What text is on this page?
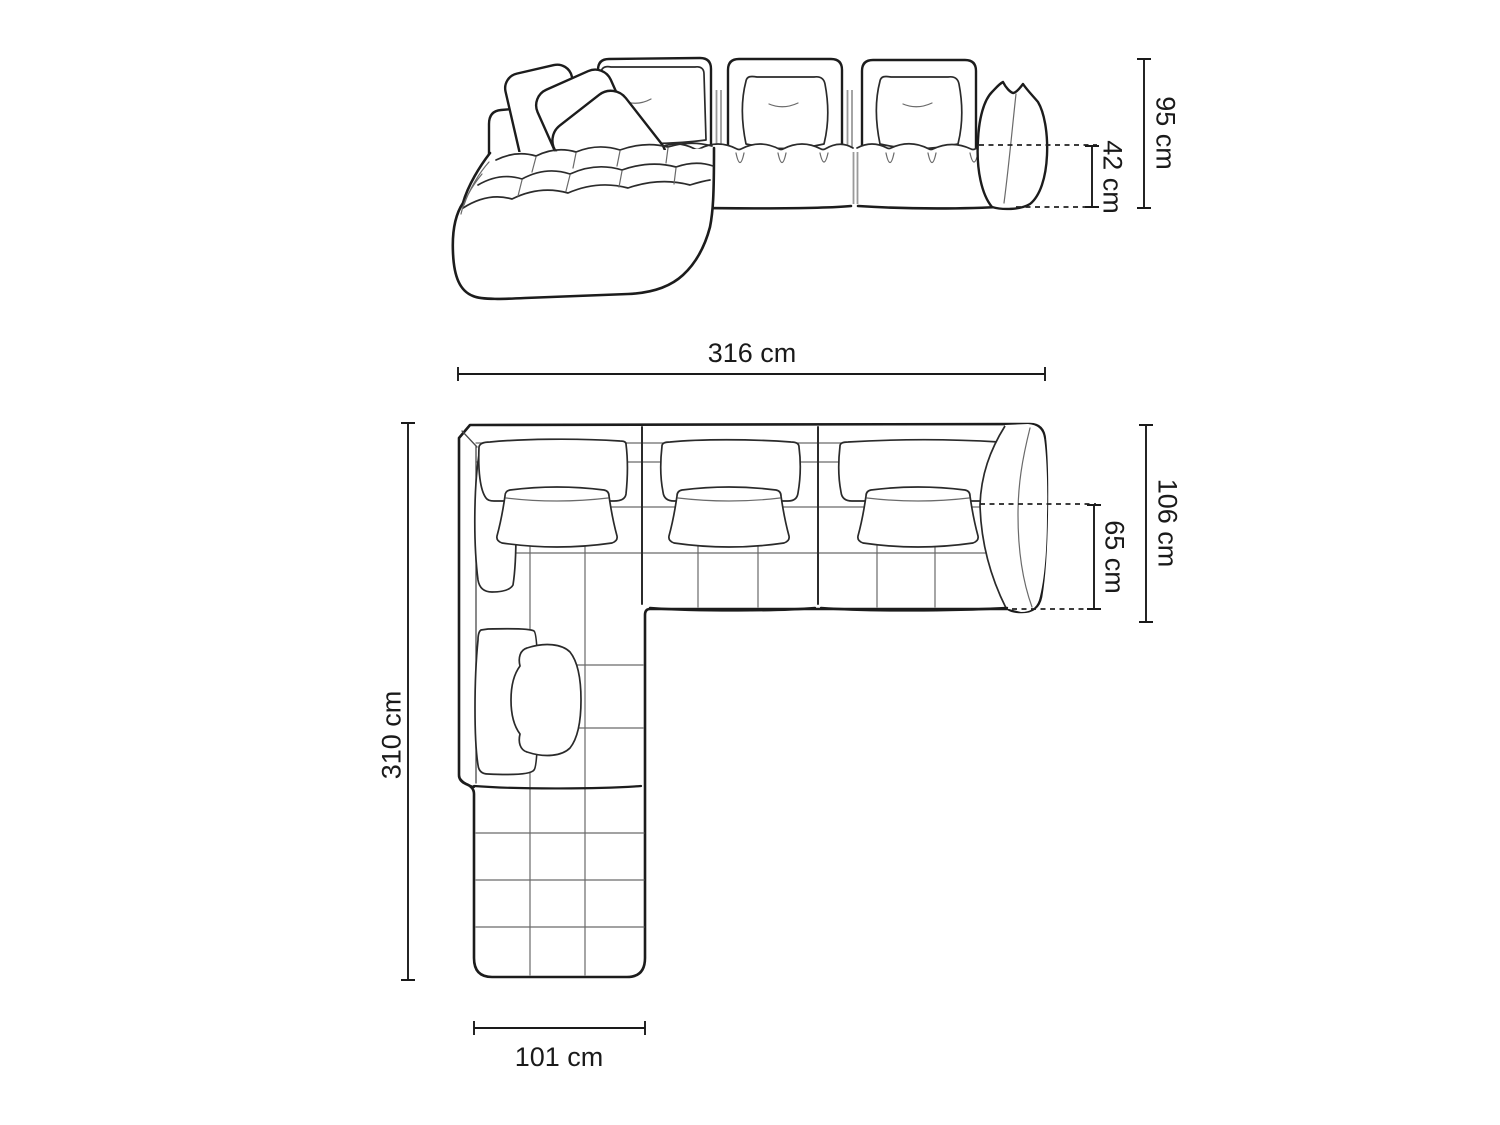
95 cm
42 cm
316 cm
310 cm
101 cm
106 cm
65 cm
